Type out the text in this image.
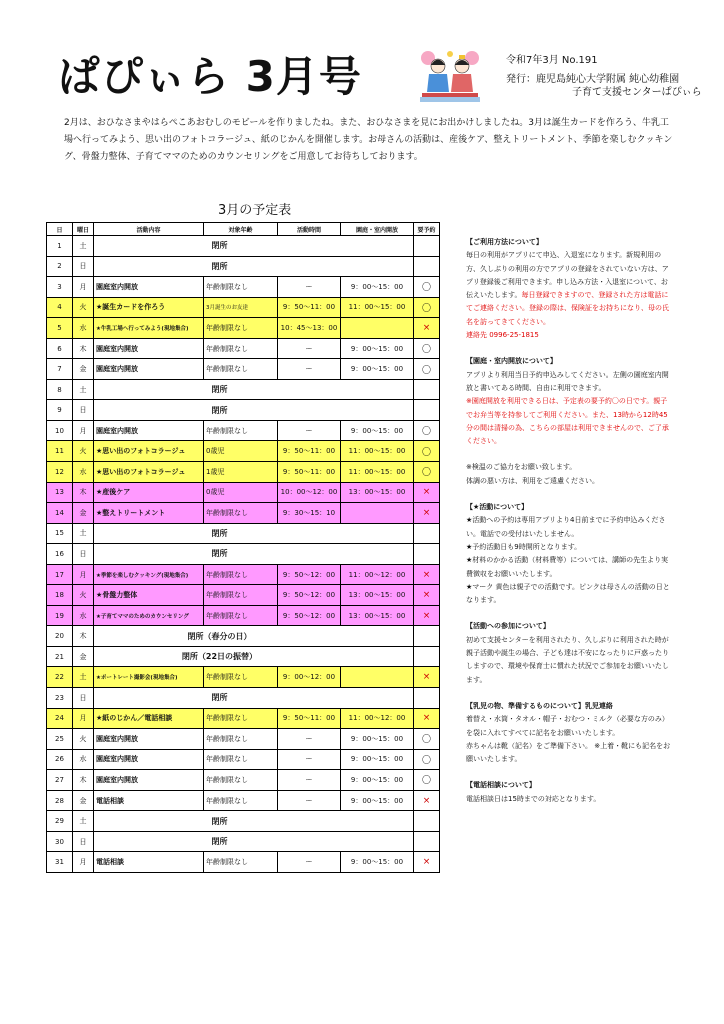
ぱぴぃら 3月号	令和7年3月 No.191
発行：鹿児島純心大学附属 純心幼稚園
子育て支援センターぱぴぃら
2月は、おひなさまやはらぺこあおむしのモビールを作りましたね。また、おひなさまを見にお出かけしましたね。3月は誕生カードを作ろう、牛乳工場へ行ってみよう、思い出のフォトコラージュ、紙のじかんを開催します。お母さんの活動は、産後ケア、整えトリートメント、季節を楽しむクッキング、骨盤力整体、子育てママのためのカウンセリングをご用意してお待ちしております。
3月の予定表
日	曜日	活動内容	対象年齢	活動時間	園庭・室内開放	要予約
1	土	閉所				
2	日	閉所				
3	月	園庭室内開放	年齢制限なし	ー	9：00～15：00	〇
4	火	★誕生カードを作ろう	3月誕生のお友達	9：50～11：00	11：00～15：00	〇
5	水	★牛乳工場へ行ってみよう(現地集合)	年齢制限なし	10：45～13：00		×
6	木	園庭室内開放	年齢制限なし	ー	9：00～15：00	〇
7	金	園庭室内開放	年齢制限なし	ー	9：00～15：00	〇
8	土	閉所				
9	日	閉所				
10	月	園庭室内開放	年齢制限なし	ー	9：00～15：00	〇
11	火	★思い出のフォトコラージュ	0歳児	9：50～11：00	11：00～15：00	〇
12	水	★思い出のフォトコラージュ	1歳児	9：50～11：00	11：00～15：00	〇
13	木	★産後ケア	0歳児	10：00～12：00	13：00～15：00	×
14	金	★整えトリートメント	年齢制限なし	9：30～15：10		×
15	土	閉所				
16	日	閉所				
17	月	★季節を楽しむクッキング(現地集合)	年齢制限なし	9：50～12：00	11：00～12：00	×
18	火	★骨盤力整体	年齢制限なし	9：50～12：00	13：00～15：00	×
19	水	★子育てママのためのカウンセリング	年齢制限なし	9：50～12：00	13：00～15：00	×
20	木	閉所（春分の日）				
21	金	閉所（22日の振替）				
22	土	★ポートレート撮影会(現地集合)	年齢制限なし	9：00～12：00		×
23	日	閉所				
24	月	★紙のじかん／電話相談	年齢制限なし	9：50～11：00	11：00～12：00	×
25	火	園庭室内開放	年齢制限なし	ー	9：00～15：00	〇
26	水	園庭室内開放	年齢制限なし	ー	9：00～15：00	〇
27	木	園庭室内開放	年齢制限なし	ー	9：00～15：00	〇
28	金	電話相談	年齢制限なし	ー	9：00～15：00	×
29	土	閉所				
30	日	閉所				
31	月	電話相談	年齢制限なし	ー	9：00～15：00	×
【ご利用方法について】
毎日の利用がアプリにて申込、入退室になります。新規利用の方、久しぶりの利用の方でアプリの登録をされていない方は、アプリ登録後ご利用できます。申し込み方法・入退室について、お伝えいたします。毎日登録できますので、登録された方は電話にてご連絡ください。登録の際は、保険証をお持ちになり、母の氏名を訪ってきてください。
連絡先 0996-25-1815
【園庭・室内開放について】
アプリより利用当日予約申込みしてください。左側の園庭室内開放と書いてある時間、自由に利用できます。
※園庭開放を利用できる日は、予定表の要予約〇の日です。親子でお弁当等を持参してご利用ください。また、13時から12時45分の間は清掃の為、こちらの部屋は利用できませんので、ご了承ください。
※検温のご協力をお願い致します。
体調の悪い方は、利用をご遠慮ください。
【★活動について】
★活動への予約は専用アプリより4日前までに予約申込みください。電話での受付はいたしません。
★予約活動日も9時開所となります。
★材料のかかる活動（材料費等）については、講師の先生より実費徴収をお願いいたします。
★マーク 黄色は親子での活動です。ピンクは母さんの活動の日となります。
【活動への参加について】
初めて支援センターを利用されたり、久しぶりに利用された時が親子活動や誕生の場合、子ども達は不安になったりに戸惑ったりしますので、環境や保育士に慣れた状況でご参加をお願いいたします。
【乳児の物、準備するものについて】乳児連絡
着替え・水筒・タオル・帽子・おむつ・ミルク（必要な方のみ）を袋に入れてすべてに記名をお願いいたします。
赤ちゃんは靴（記名）をご準備下さい。 ※上着・靴にも記名をお願いいたします。
【電話相談について】
電話相談日は15時までの対応となります。
